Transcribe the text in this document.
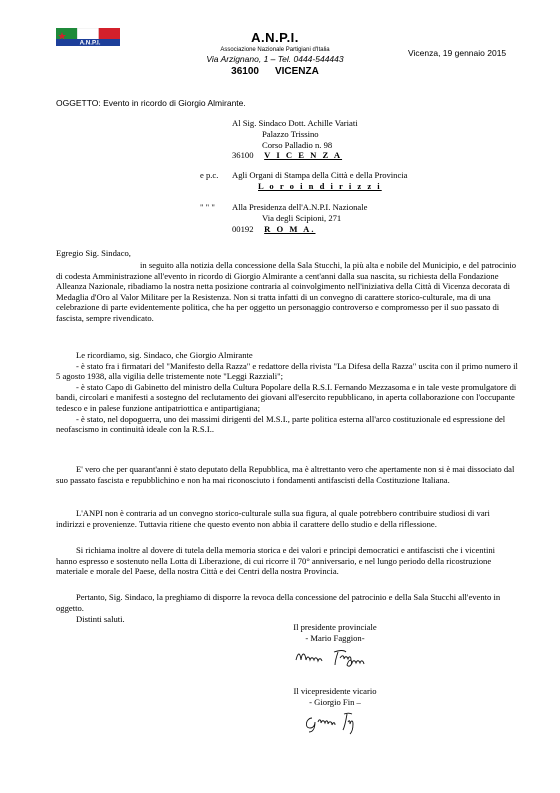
A.N.P.I.	A.N.P.I.
Associazione Nazionale Partigiani d'Italia
Via Arzignano, 1 – Tel. 0444-544443
36100 VICENZA
Vicenza, 19 gennaio 2015
OGGETTO: Evento in ricordo di Giorgio Almirante.
Al Sig. Sindaco Dott. Achille Variati
Palazzo Trissino
Corso Palladio n. 98
36100 V I C E N Z A
e p.c. Agli Organi di Stampa della Città e della Provincia
L o r o i n d i r i z z i
" " " Alla Presidenza dell'A.N.P.I. Nazionale
Via degli Scipioni, 271
00192 R O M A.
Egregio Sig. Sindaco,
in seguito alla notizia della concessione della Sala Stucchi, la più alta e nobile del Municipio, e del patrocinio di codesta Amministrazione all'evento in ricordo di Giorgio Almirante a cent'anni dalla sua nascita, su richiesta della Fondazione Alleanza Nazionale, ribadiamo la nostra netta posizione contraria al coinvolgimento nell'iniziativa della Città di Vicenza decorata di Medaglia d'Oro al Valor Militare per la Resistenza. Non si tratta infatti di un convegno di carattere storico-culturale, ma di una celebrazione di parte evidentemente politica, che ha per oggetto un personaggio controverso e compromesso per il suo passato di fascista, sempre rivendicato.

Le ricordiamo, sig. Sindaco, che Giorgio Almirante

- è stato fra i firmatari del "Manifesto della Razza" e redattore della rivista "La Difesa della Razza" uscita con il primo numero il 5 agosto 1938, alla vigilia delle tristemente note "Leggi Razziali";

- è stato Capo di Gabinetto del ministro della Cultura Popolare della R.S.I. Fernando Mezzasoma e in tale veste promulgatore di bandi, circolari e manifesti a sostegno del reclutamento dei giovani all'esercito repubblicano, in aperta collaborazione con l'occupante tedesco e in palese funzione antipatriottica e antipartigiana;

- è stato, nel dopoguerra, uno dei massimi dirigenti del M.S.I., parte politica esterna all'arco costituzionale ed espressione del neofascismo in continuità ideale con la R.S.I..

E' vero che per quarant'anni è stato deputato della Repubblica, ma è altrettanto vero che apertamente non si è mai dissociato dal suo passato fascista e repubblichino e non ha mai riconosciuto i fondamenti antifascisti della Costituzione Italiana.
L'ANPI non è contraria ad un convegno storico-culturale sulla sua figura, al quale potrebbero contribuire studiosi di vari indirizzi e provenienze. Tuttavia ritiene che questo evento non abbia il carattere dello studio e della riflessione.
Si richiama inoltre al dovere di tutela della memoria storica e dei valori e principi democratici e antifascisti che i vicentini hanno espresso e sostenuto nella Lotta di Liberazione, di cui ricorre il 70° anniversario, e nel lungo periodo della ricostruzione materiale e morale del Paese, della nostra Città e dei Centri della nostra Provincia.
Pertanto, Sig. Sindaco, la preghiamo di disporre la revoca della concessione del patrocinio e della Sala Stucchi all'evento in oggetto.
Distinti saluti.
Il presidente provinciale
- Mario Faggion-
Il vicepresidente vicario
- Giorgio Fin –
